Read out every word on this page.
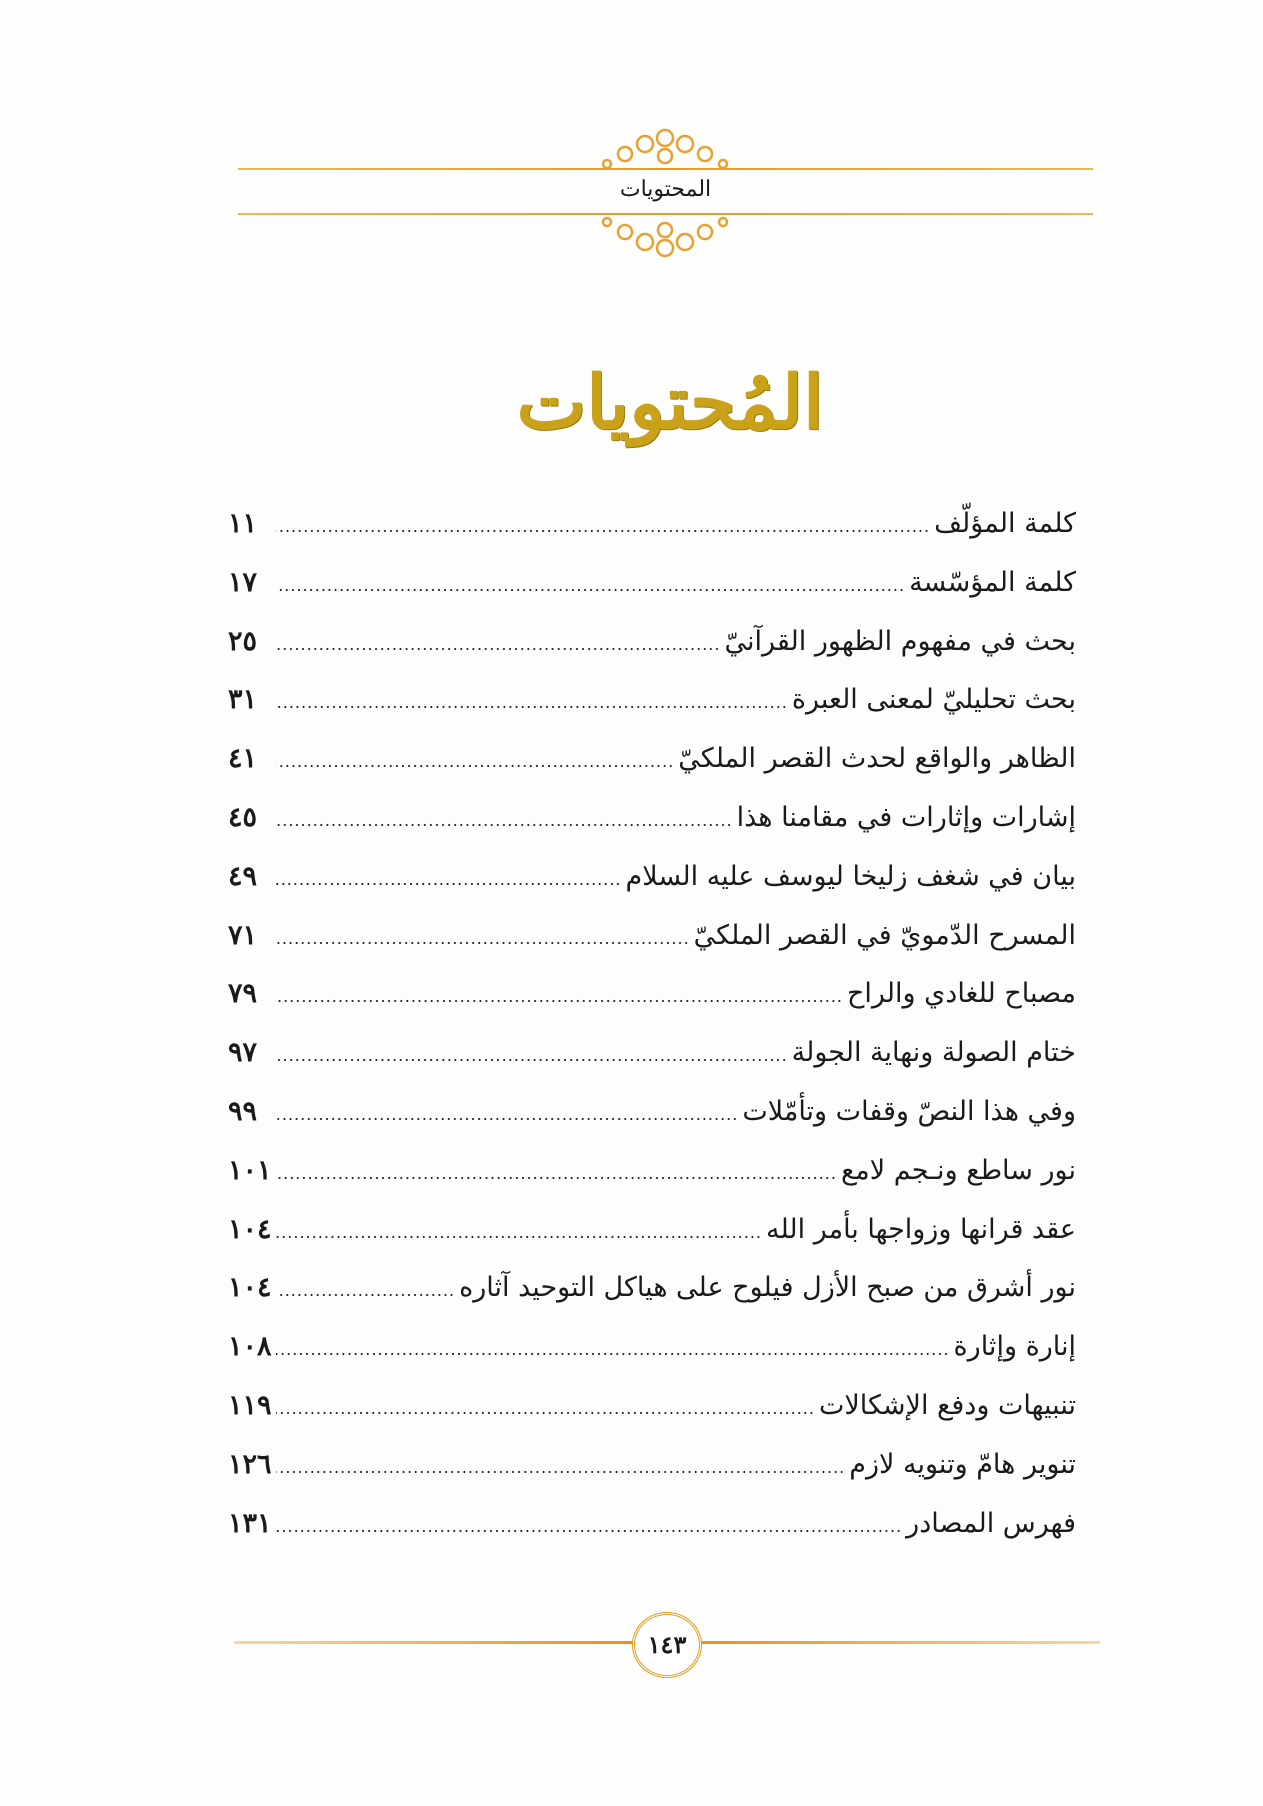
المحتويات
المُحتويات
كلمة المؤلّف
.....
١١
كلمة المؤسّسة
.....
١٧
بحث في مفهوم الظهور القرآنيّ
.....
٢٥
بحث تحليليّ لمعنى العبرة
.....
٣١
الظاهر والواقع لحدث القصر الملكيّ
.....
٤١
إشارات وإثارات في مقامنا هذا
.....
٤٥
بيان في شغف زليخا ليوسف عليه السلام
.....
٤٩
المسرح الدّمويّ في القصر الملكيّ
.....
٧١
مصباح للغادي والراح
.....
٧٩
ختام الصولة ونهاية الجولة
.....
٩٧
وفي هذا النصّ وقفات وتأمّلات
.....
٩٩
نور ساطع ونـجم لامع
.....
١٠١
عقد قرانها وزواجها بأمر الله
.....
١٠٤
نور أشرق من صبح الأزل فيلوح على هياكل التوحيد آثاره
.....
١٠٤
إنارة وإثارة
.....
١٠٨
تنبيهات ودفع الإشكالات
.....
١١٩
تنوير هامّ وتنويه لازم
.....
١٢٦
فهرس المصادر
.....
١٣١
١٤٣
